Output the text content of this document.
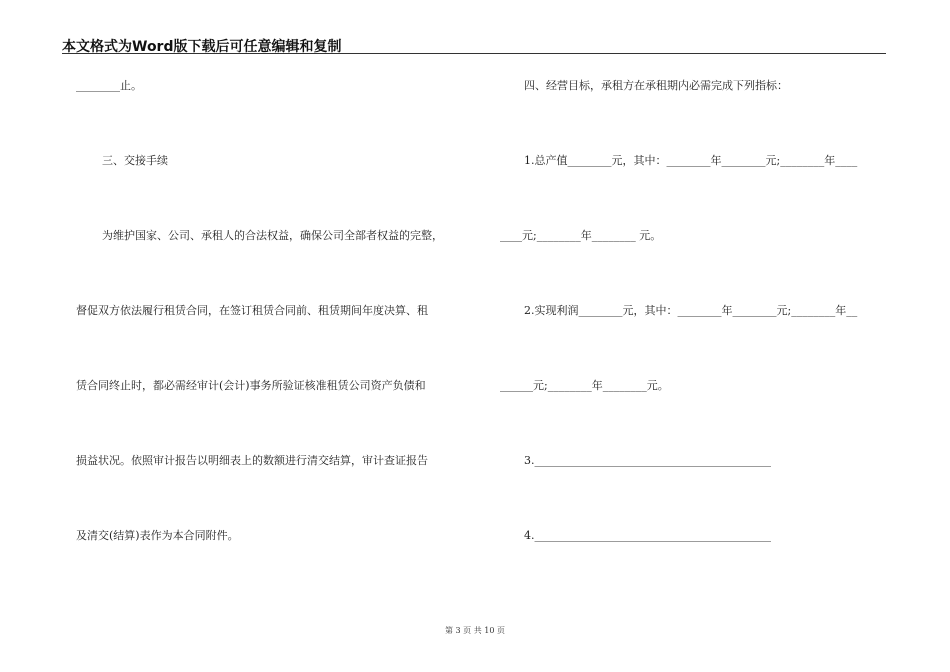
本文格式为Word版下载后可任意编辑和复制
________止。
三、交接手续
为维护国家、公司、承租人的合法权益，确保公司全部者权益的完整，
督促双方依法履行租赁合同，在签订租赁合同前、租赁期间年度决算、租
赁合同终止时，都必需经审计(会计)事务所验证核准租赁公司资产负债和
损益状况。依照审计报告以明细表上的数额进行清交结算，审计查证报告
及清交(结算)表作为本合同附件。
四、经营目标，承租方在承租期内必需完成下列指标：
1.总产值________元，其中：________年________元;________年____
____元;________年________ 元。
2.实现利润________元，其中：________年________元;________年__
______元;________年________元。
3.___________________________________________
4.___________________________________________
第 3 页 共 10 页
